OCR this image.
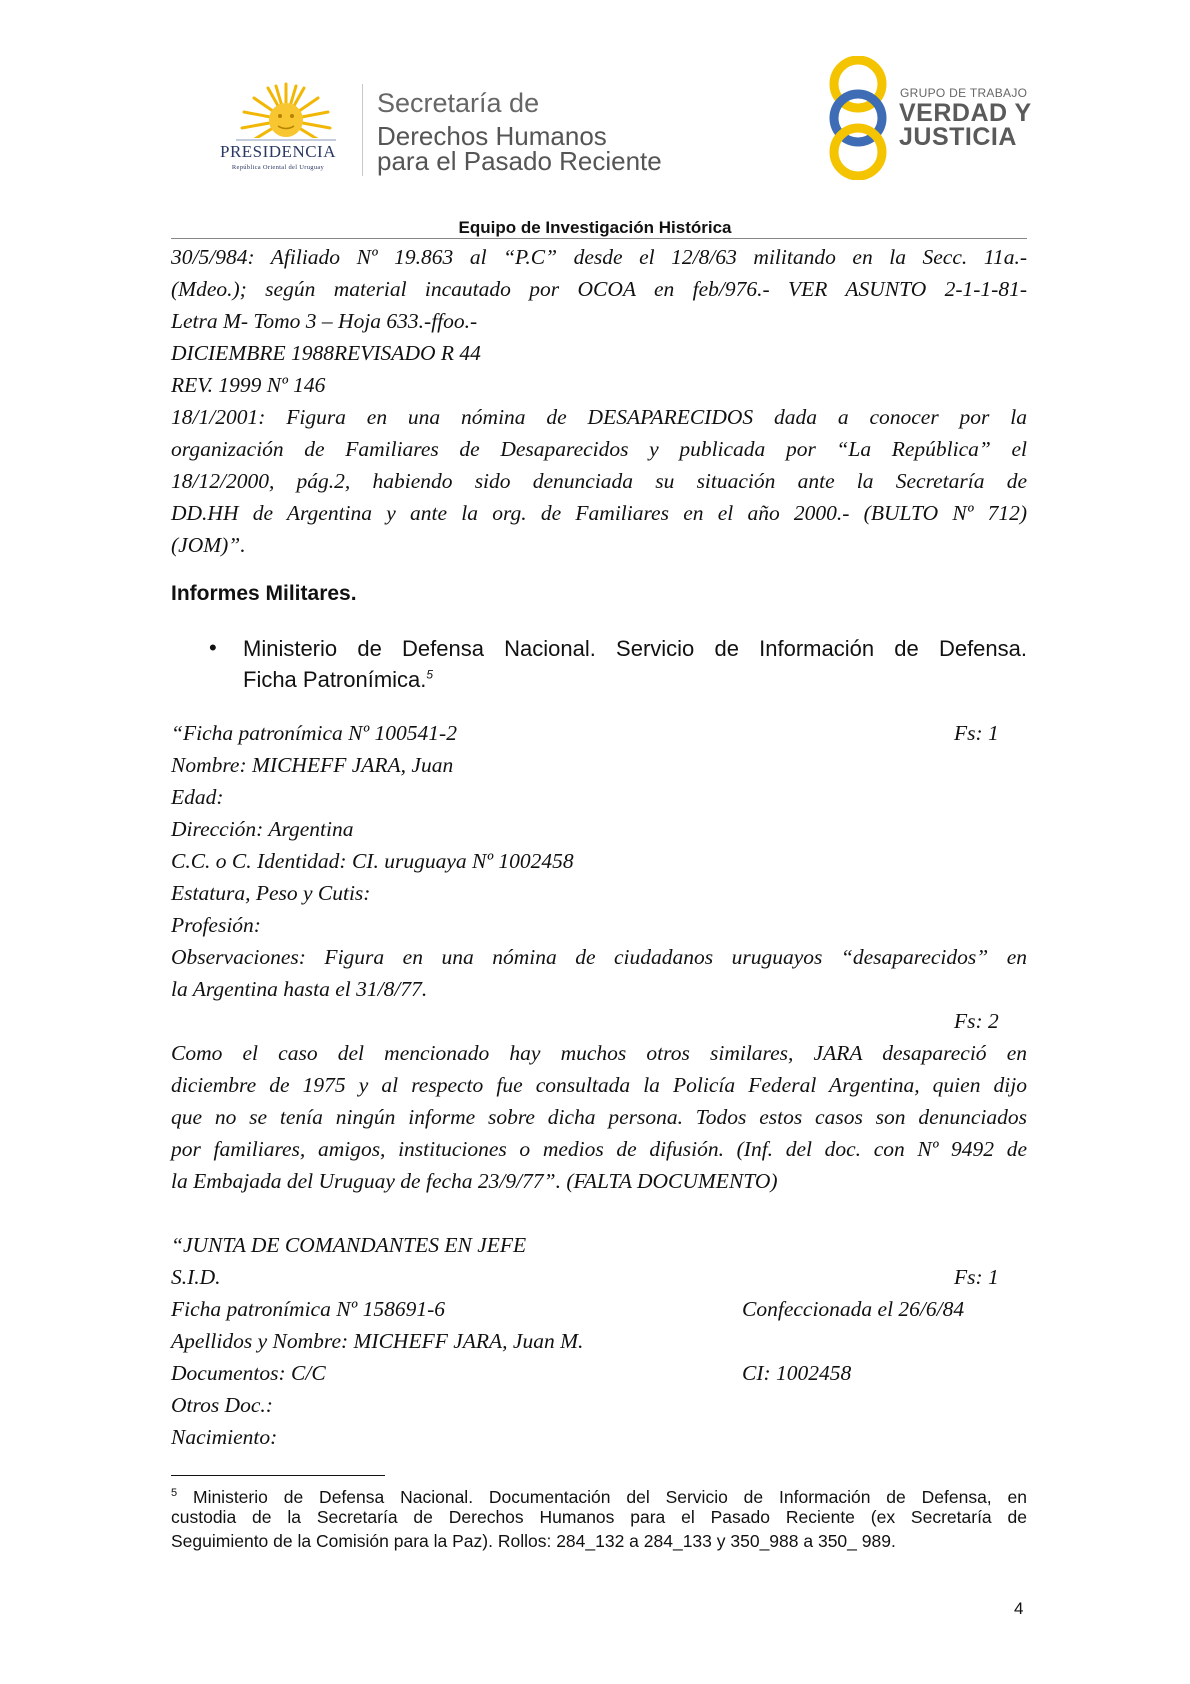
PRESIDENCIA
República Oriental del Uruguay
Secretaría de
Derechos Humanos
para el Pasado Reciente
GRUPO DE TRABAJO
VERDAD Y
JUSTICIA
Equipo de Investigación Histórica
30/5/984: Afiliado Nº 19.863 al “P.C” desde el 12/8/63 militando en la Secc. 11a.-
(Mdeo.); según material incautado por OCOA en feb/976.- VER ASUNTO 2-1-1-81-
Letra M- Tomo 3 – Hoja 633.-ffoo.-
DICIEMBRE 1988REVISADO R 44
REV. 1999 Nº 146
18/1/2001: Figura en una nómina de DESAPARECIDOS dada a conocer por la
organización de Familiares de Desaparecidos y publicada por “La República” el
18/12/2000, pág.2, habiendo sido denunciada su situación ante la Secretaría de
DD.HH de Argentina y ante la org. de Familiares en el año 2000.- (BULTO Nº 712)
(JOM)”.
Informes Militares.
• Ministerio de Defensa Nacional. Servicio de Información de Defensa.
Ficha Patronímica.$^5$
“Ficha patronímica Nº 100541-2	Fs: 1
Nombre: MICHEFF JARA, Juan
Edad:
Dirección: Argentina
C.C. o C. Identidad: CI. uruguaya Nº 1002458
Estatura, Peso y Cutis:
Profesión:
Observaciones: Figura en una nómina de ciudadanos uruguayos “desaparecidos” en
la Argentina hasta el 31/8/77.
Fs: 2
Como el caso del mencionado hay muchos otros similares, JARA desapareció en
diciembre de 1975 y al respecto fue consultada la Policía Federal Argentina, quien dijo
que no se tenía ningún informe sobre dicha persona. Todos estos casos son denunciados
por familiares, amigos, instituciones o medios de difusión. (Inf. del doc. con Nº 9492 de
la Embajada del Uruguay de fecha 23/9/77”. (FALTA DOCUMENTO)
“JUNTA DE COMANDANTES EN JEFE
S.I.D.	Fs: 1
Ficha patronímica Nº 158691-6	Confeccionada el 26/6/84
Apellidos y Nombre: MICHEFF JARA, Juan M.
Documentos: C/C	CI: 1002458
Otros Doc.:
Nacimiento:
$^5$ Ministerio de Defensa Nacional. Documentación del Servicio de Información de Defensa, en
custodia de la Secretaría de Derechos Humanos para el Pasado Reciente (ex Secretaría de
Seguimiento de la Comisión para la Paz). Rollos: 284_132 a 284_133 y 350_988 a 350_ 989.
4
